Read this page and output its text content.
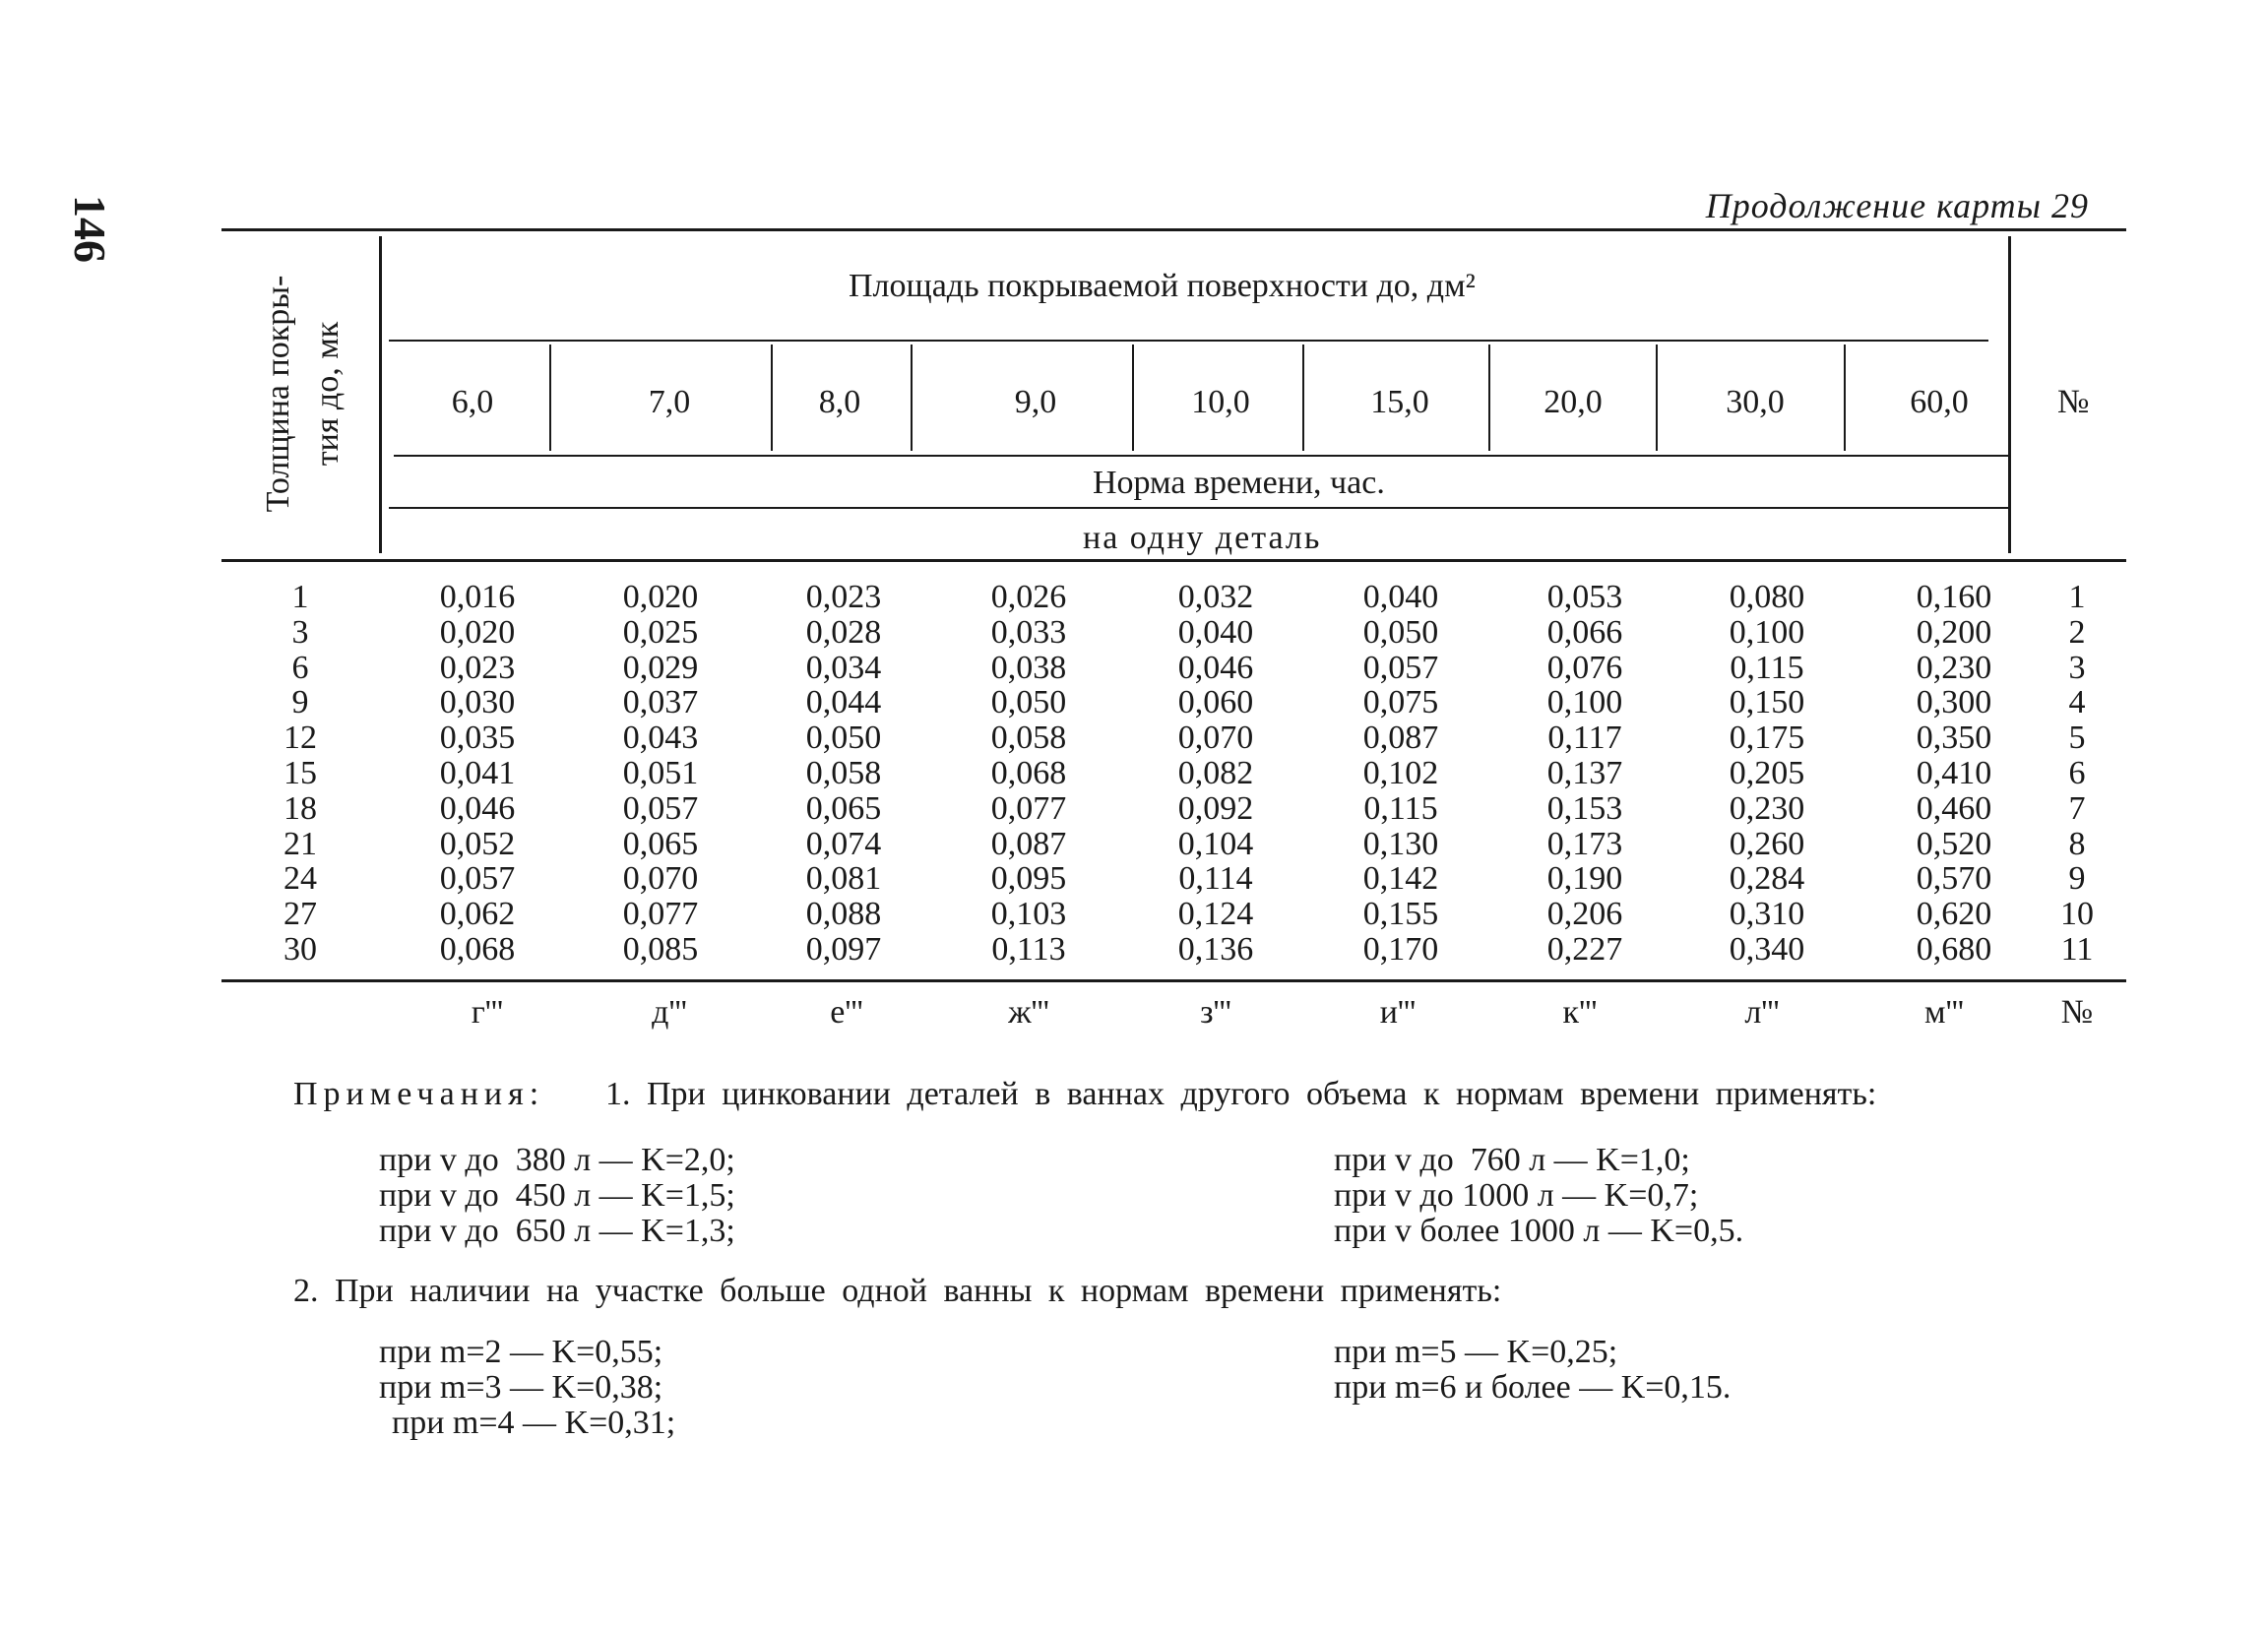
146	Продолжение карты 29
Толщина покры- тия до, мк
Площадь покрываемой поверхности до, дм²
6,0	7,0	8,0	9,0	10,0	15,0	20,0	30,0	60,0	№
Норма времени, час.
на одну деталь
1	0,016	0,020	0,023	0,026	0,032	0,040	0,053	0,080	0,160	1
3	0,020	0,025	0,028	0,033	0,040	0,050	0,066	0,100	0,200	2
6	0,023	0,029	0,034	0,038	0,046	0,057	0,076	0,115	0,230	3
9	0,030	0,037	0,044	0,050	0,060	0,075	0,100	0,150	0,300	4
12	0,035	0,043	0,050	0,058	0,070	0,087	0,117	0,175	0,350	5
15	0,041	0,051	0,058	0,068	0,082	0,102	0,137	0,205	0,410	6
18	0,046	0,057	0,065	0,077	0,092	0,115	0,153	0,230	0,460	7
21	0,052	0,065	0,074	0,087	0,104	0,130	0,173	0,260	0,520	8
24	0,057	0,070	0,081	0,095	0,114	0,142	0,190	0,284	0,570	9
27	0,062	0,077	0,088	0,103	0,124	0,155	0,206	0,310	0,620 10
30	0,068	0,085	0,097	0,113	0,136	0,170	0,227	0,340	0,680 11
г'''	д'''	е'''	ж'''	з'''	и'''	к'''	л'''	м'''	№
Примечания: 1. При цинковании деталей в ваннах другого объема к нормам времени применять:
при v до  380 л — K=2,0;
при v до  450 л — K=1,5;
при v до  650 л — K=1,3;
при v до  760 л — K=1,0;
при v до 1000 л — K=0,7;
при v более 1000 л — K=0,5.
2. При наличии на участке больше одной ванны к нормам времени применять:
при m=2 — K=0,55;
при m=3 — K=0,38;
при m=4 — K=0,31;
при m=5 — K=0,25;
при m=6 и более — K=0,15.
